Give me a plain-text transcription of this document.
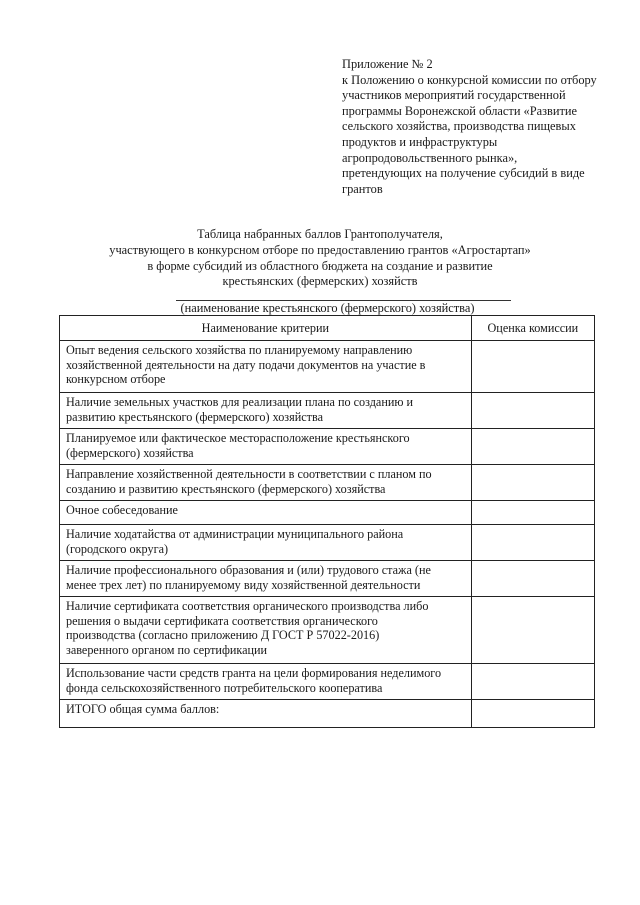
Приложение № 2
к Положению о конкурсной комиссии по отбору
участников мероприятий государственной
программы Воронежской области «Развитие
сельского хозяйства, производства пищевых
продуктов и инфраструктуры
агропродовольственного рынка»,
претендующих на получение субсидий в виде
грантов
Таблица набранных баллов Грантополучателя,
участвующего в конкурсном отборе по предоставлению грантов «Агростартап»
в форме субсидий из областного бюджета на создание и развитие
крестьянских (фермерских) хозяйств
(наименование крестьянского (фермерского) хозяйства)
Наименование критерии	Оценка комиссии

Опыт ведения сельского хозяйства по планируемому направлению
хозяйственной деятельности на дату подачи документов на участие в
конкурсном отборе	

Наличие земельных участков для реализации плана по созданию и
развитию крестьянского (фермерского) хозяйства	

Планируемое или фактическое месторасположение крестьянского
(фермерского) хозяйства	

Направление хозяйственной деятельности в соответствии с планом по
созданию и развитию крестьянского (фермерского) хозяйства	

Очное собеседование	

Наличие ходатайства от администрации муниципального района
(городского округа)	

Наличие профессионального образования и (или) трудового стажа (не
менее трех лет) по планируемому виду хозяйственной деятельности	

Наличие сертификата соответствия органического производства либо
решения о выдачи сертификата соответствия органического
производства (согласно приложению Д ГОСТ Р 57022-2016)
заверенного органом по сертификации	

Использование части средств гранта на цели формирования неделимого
фонда сельскохозяйственного потребительского кооператива	

ИТОГО общая сумма баллов:	
